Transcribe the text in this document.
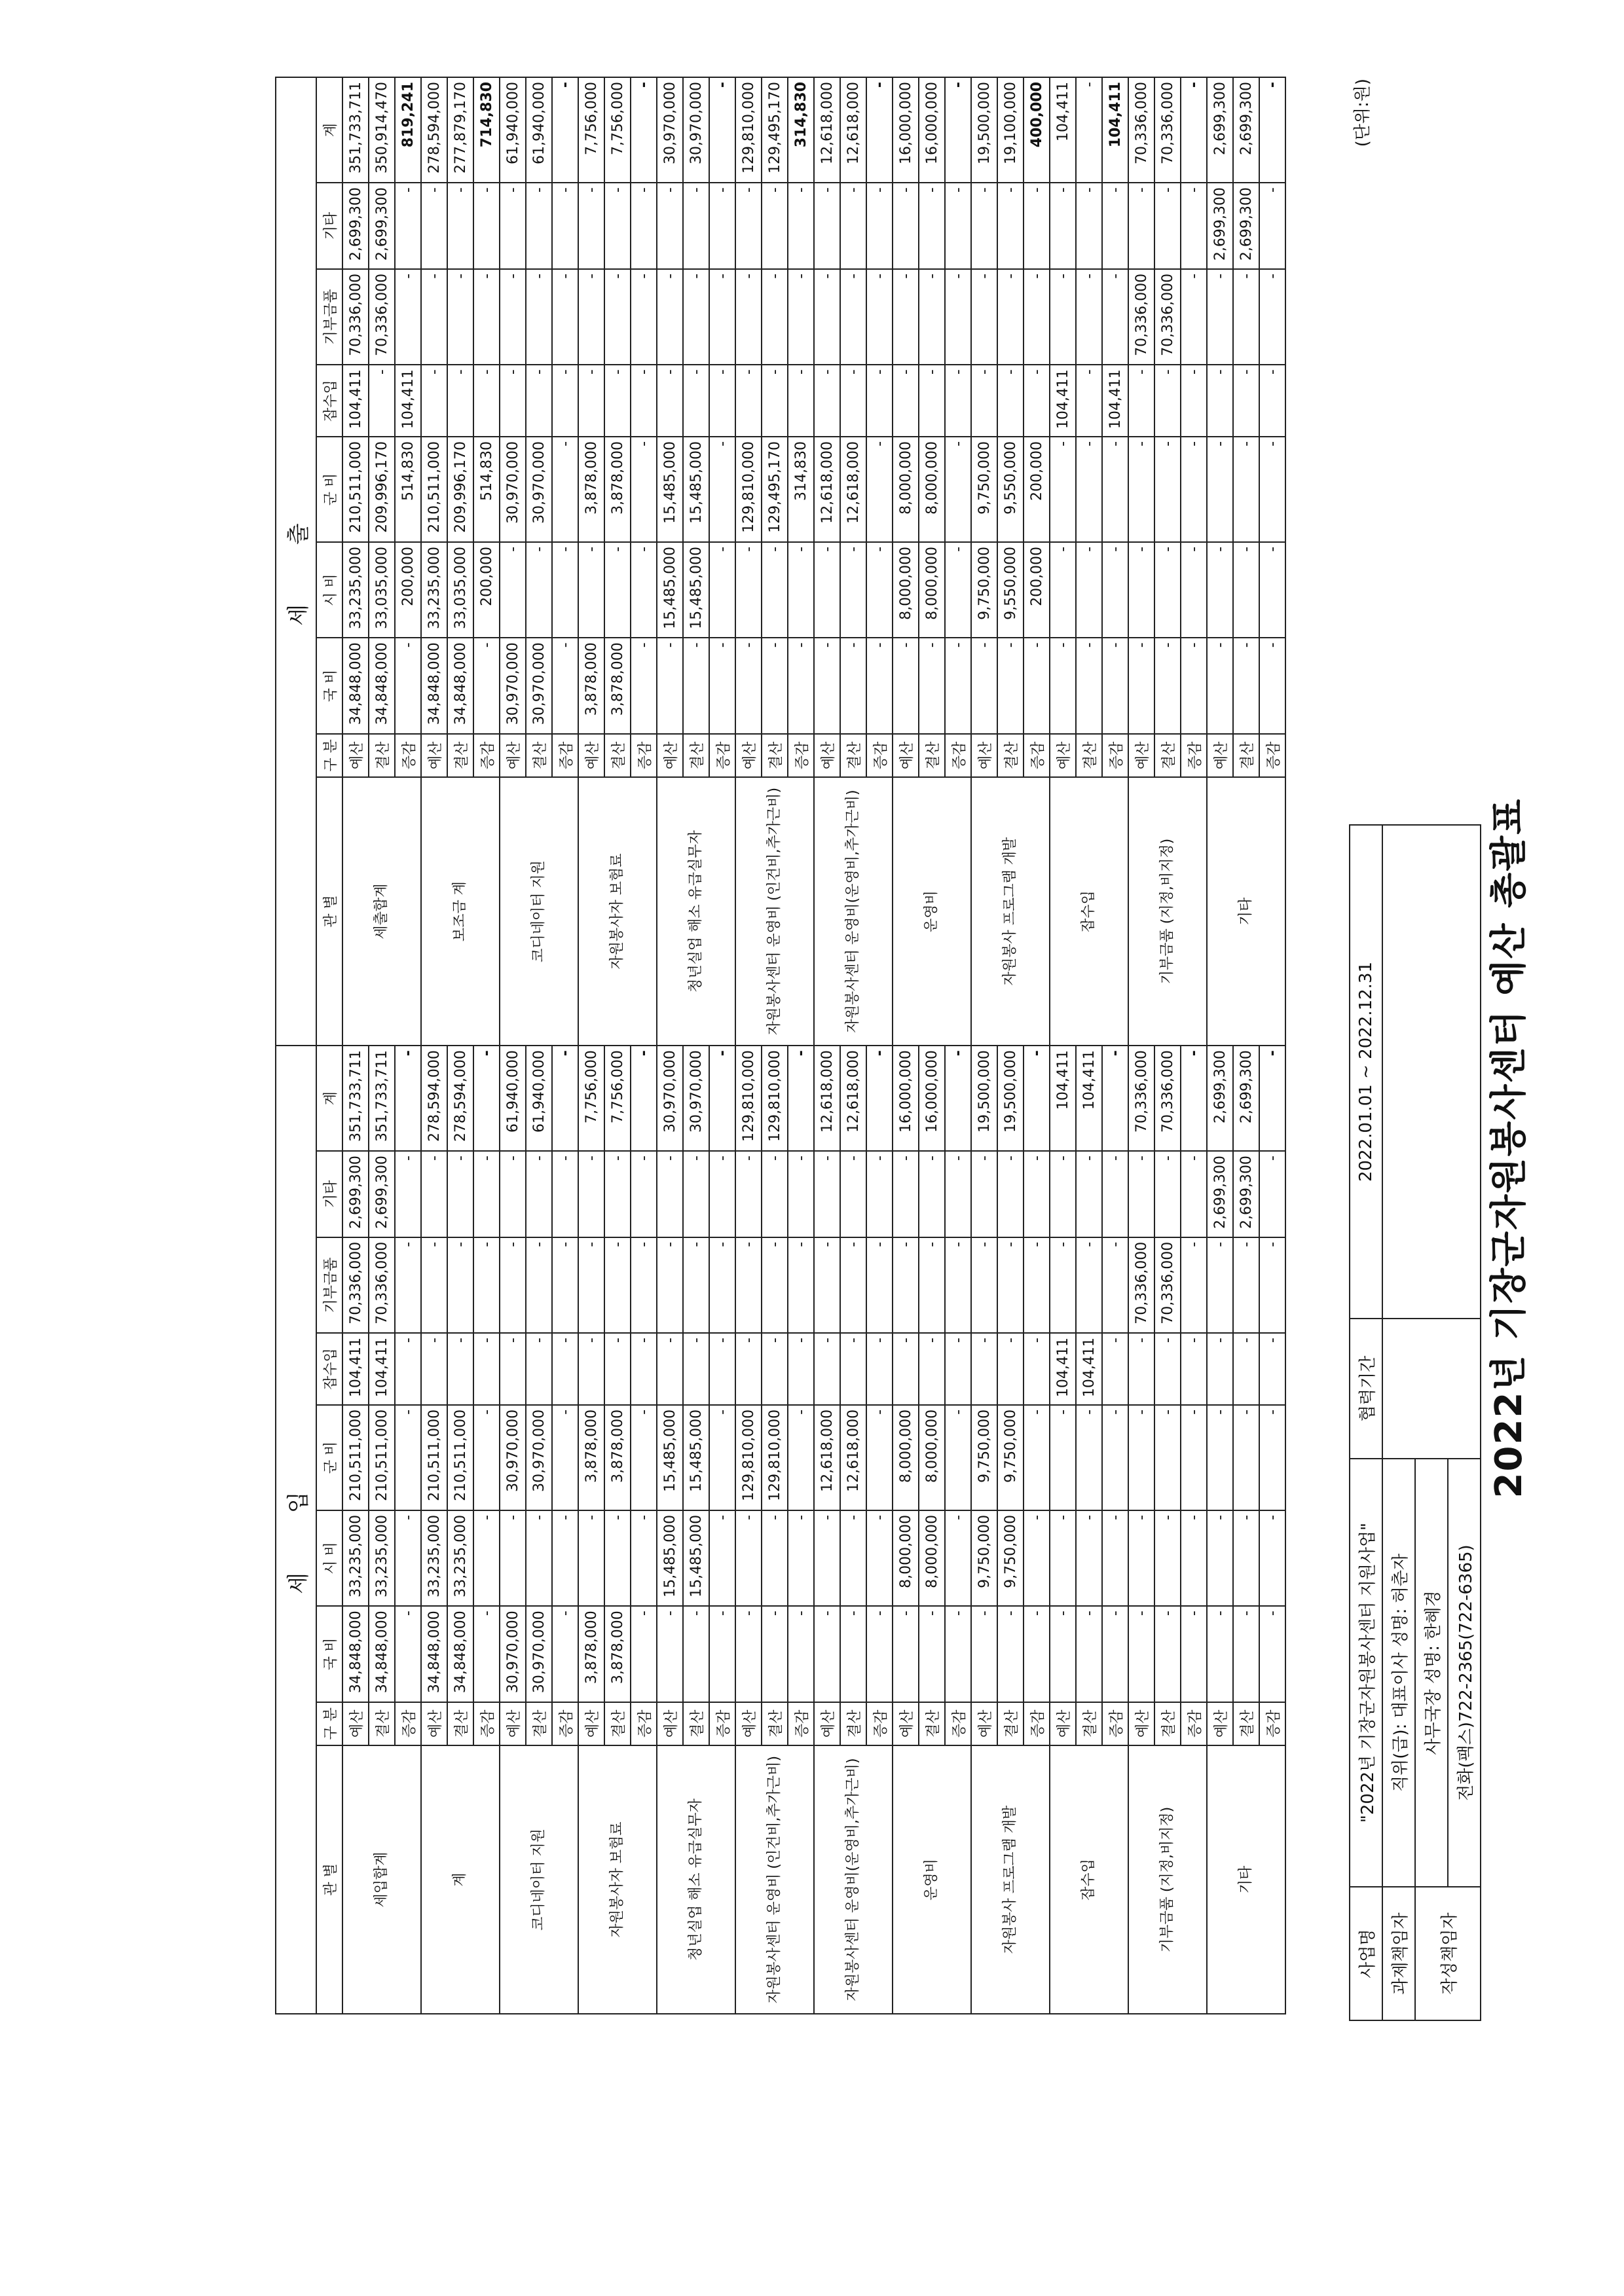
2022년 기장군자원봉사센터 예산 총괄표
(단위:원)
사업명	"2022년 기장군자원봉사센터 지원사업"	협력기간	2022.01.01 ~ 2022.12.31
과제책임자	직위(급): 대표이사 성명: 허춘자		
작성책임자	사무국장 성명: 한혜경		
	전화(팩스)722-2365(722-6365)		
세 입									세 출								
관 별	구 분	국 비	시 비	군 비	잡수입	기부금품	기타	계	관 별	구 분	국 비	시 비	군 비	잡수입	기부금품	기타	계
세입합계	예산	34,848,000	33,235,000	210,511,000	104,411	70,336,000	2,699,300	351,733,711	세출합계	예산	34,848,000	33,235,000	210,511,000	104,411	70,336,000	2,699,300	351,733,711
	결산	34,848,000	33,235,000	210,511,000	104,411	70,336,000	2,699,300	351,733,711		결산	34,848,000	33,035,000	209,996,170	-	70,336,000	2,699,300	350,914,470
	증감	-	-	-	-	-	-	-		증감	-	200,000	514,830	104,411	-	-	819,241
계	예산	34,848,000	33,235,000	210,511,000	-	-	-	278,594,000	보조금 계	예산	34,848,000	33,235,000	210,511,000	-	-	-	278,594,000
	결산	34,848,000	33,235,000	210,511,000	-	-	-	278,594,000		결산	34,848,000	33,035,000	209,996,170	-	-	-	277,879,170
	증감	-	-	-	-	-	-	-		증감	-	200,000	514,830	-	-	-	714,830
코디네이터 지원	예산	30,970,000	-	30,970,000	-	-	-	61,940,000	코디네이터 지원	예산	30,970,000	-	30,970,000	-	-	-	61,940,000
	결산	30,970,000	-	30,970,000	-	-	-	61,940,000		결산	30,970,000	-	30,970,000	-	-	-	61,940,000
	증감	-	-	-	-	-	-	-		증감	-	-	-	-	-	-	-
자원봉사자 보험료	예산	3,878,000	-	3,878,000	-	-	-	7,756,000	자원봉사자 보험료	예산	3,878,000	-	3,878,000	-	-	-	7,756,000
	결산	3,878,000	-	3,878,000	-	-	-	7,756,000		결산	3,878,000	-	3,878,000	-	-	-	7,756,000
	증감	-	-	-	-	-	-	-		증감	-	-	-	-	-	-	-
청년실업 해소 유급실무자	예산	-	15,485,000	15,485,000	-	-	-	30,970,000	청년실업 해소 유급실무자	예산	-	15,485,000	15,485,000	-	-	-	30,970,000
	결산	-	15,485,000	15,485,000	-	-	-	30,970,000		결산	-	15,485,000	15,485,000	-	-	-	30,970,000
	증감	-	-	-	-	-	-	-		증감	-	-	-	-	-	-	-
자원봉사센터 운영비 (인건비,추가근비)	예산	-	-	129,810,000	-	-	-	129,810,000	자원봉사센터 운영비 (인건비,추가근비)	예산	-	-	129,810,000	-	-	-	129,810,000
	결산	-	-	129,810,000	-	-	-	129,810,000		결산	-	-	129,495,170	-	-	-	129,495,170
	증감	-	-	-	-	-	-	-		증감	-	-	314,830	-	-	-	314,830
자원봉사센터 운영비(운영비,추가근비)	예산	-	-	12,618,000	-	-	-	12,618,000	자원봉사센터 운영비(운영비,추가근비)	예산	-	-	12,618,000	-	-	-	12,618,000
	결산	-	-	12,618,000	-	-	-	12,618,000		결산	-	-	12,618,000	-	-	-	12,618,000
	증감	-	-	-	-	-	-	-		증감	-	-	-	-	-	-	-
운영비	예산	-	8,000,000	8,000,000	-	-	-	16,000,000	운영비	예산	-	8,000,000	8,000,000	-	-	-	16,000,000
	결산	-	8,000,000	8,000,000	-	-	-	16,000,000		결산	-	8,000,000	8,000,000	-	-	-	16,000,000
	증감	-	-	-	-	-	-	-		증감	-	-	-	-	-	-	-
자원봉사 프로그램 개발	예산	-	9,750,000	9,750,000	-	-	-	19,500,000	자원봉사 프로그램 개발	예산	-	9,750,000	9,750,000	-	-	-	19,500,000
	결산	-	9,750,000	9,750,000	-	-	-	19,500,000		결산	-	9,550,000	9,550,000	-	-	-	19,100,000
	증감	-	-	-	-	-	-	-		증감	-	200,000	200,000	-	-	-	400,000
잡수입	예산	-	-	-	104,411	-	-	104,411	잡수입	예산	-	-	-	104,411	-	-	104,411
	결산	-	-	-	104,411	-	-	104,411		결산	-	-	-	-	-	-	-
	증감	-	-	-	-	-	-	-		증감	-	-	-	104,411	-	-	104,411
기부금품 (지정,비지정)	예산	-	-	-	-	70,336,000	-	70,336,000	기부금품 (지정,비지정)	예산	-	-	-	-	70,336,000	-	70,336,000
	결산	-	-	-	-	70,336,000	-	70,336,000		결산	-	-	-	-	70,336,000	-	70,336,000
	증감	-	-	-	-	-	-	-		증감	-	-	-	-	-	-	-
기타	예산	-	-	-	-	-	2,699,300	2,699,300	기타	예산	-	-	-	-	-	2,699,300	2,699,300
	결산	-	-	-	-	-	2,699,300	2,699,300		결산	-	-	-	-	-	2,699,300	2,699,300
	증감	-	-	-	-	-	-	-		증감	-	-	-	-	-	-	-
